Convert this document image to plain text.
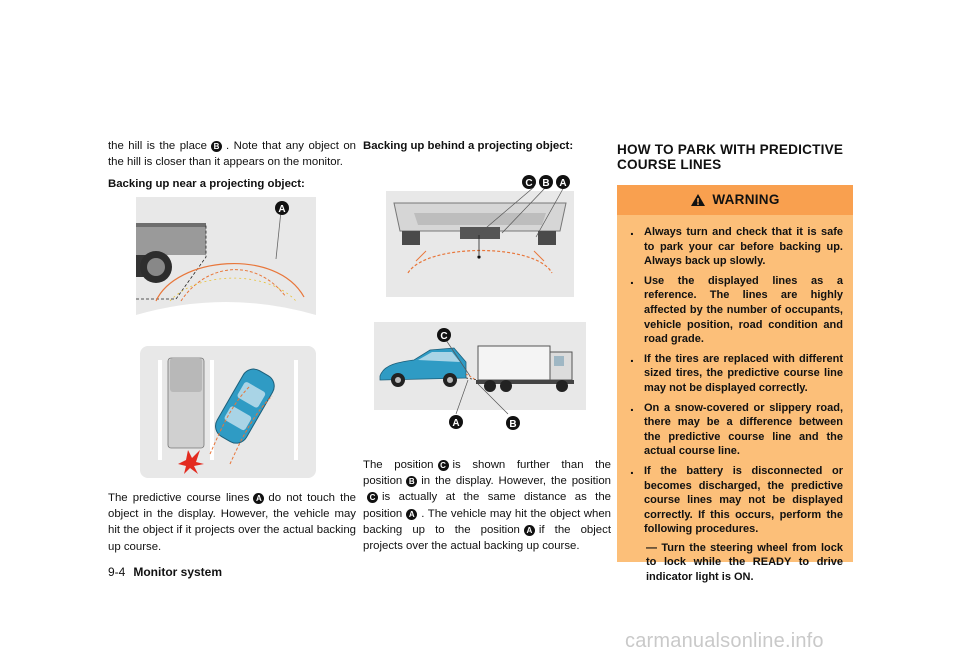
the hill is the place B . Note that any object on the hill is closer than it appears on the monitor.

Backing up near a projecting object:

A

The predictive course lines A do not touch the object in the display. However, the vehicle may hit the object if it projects over the actual backing up course.

Backing up behind a projecting object:

C B A
C
A	B

The position C is shown further than the position B in the display. However, the positionC is actually at the same distance as the position A . The vehicle may hit the object when backing up to the position A if the object projects over the actual backing up course.

HOW TO PARK WITH PREDICTIVE COURSE LINES
WARNING
. Always turn and check that it is safe to park your car before backing up. Always back up slowly.
. Use the displayed lines as a reference. The lines are highly affected by the number of occupants, vehicle position, road condition and road grade.
. If the tires are replaced with different sized tires, the predictive course line may not be displayed correctly.
. On a snow-covered or slippery road, there may be a difference between the predictive course line and the actual course line.
. If the battery is disconnected or becomes discharged, the predictive course lines may not be displayed correctly. If this occurs, perform the following procedures.
— Turn the steering wheel from lock to lock while the READY to drive indicator light is ON.
9-4 Monitor system
carmanualsonline.info
